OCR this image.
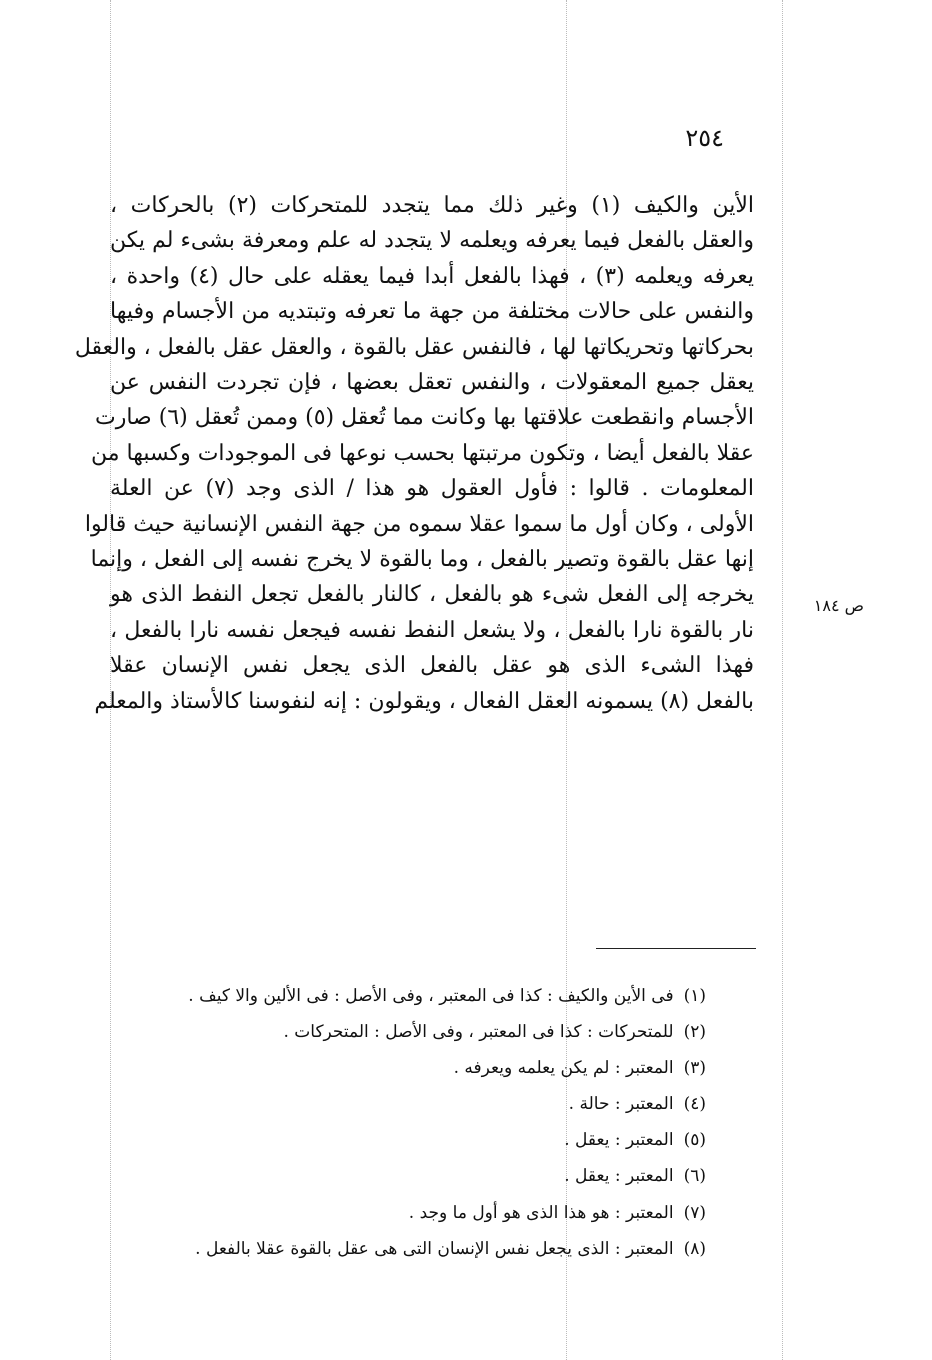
٢٥٤
الأين والكيف (١) وغير ذلك مما يتجدد للمتحركات (٢) بالحركات ،
والعقل بالفعل فيما يعرفه ويعلمه لا يتجدد له علم ومعرفة بشىء لم يكن
يعرفه ويعلمه (٣) ، فهذا بالفعل أبدا فيما يعقله على حال (٤) واحدة ،
والنفس على حالات مختلفة من جهة ما تعرفه وتبتديه من الأجسام وفيها
بحركاتها وتحريكاتها لها ، فالنفس عقل بالقوة ، والعقل عقل بالفعل ، والعقل
يعقل جميع المعقولات ، والنفس تعقل بعضها ، فإن تجردت النفس عن
الأجسام وانقطعت علاقتها بها وكانت مما تُعقل (٥) وممن تُعقل (٦) صارت
عقلا بالفعل أيضا ، وتكون مرتبتها بحسب نوعها فى الموجودات وكسبها من
المعلومات . قالوا : فأول العقول هو هذا / الذى وجد (٧) عن العلة
الأولى ، وكان أول ما سموا عقلا سموه من جهة النفس الإنسانية حيث قالوا
إنها عقل بالقوة وتصير بالفعل ، وما بالقوة لا يخرج نفسه إلى الفعل ، وإنما
يخرجه إلى الفعل شىء هو بالفعل ، كالنار بالفعل تجعل النفط الذى هو
نار بالقوة نارا بالفعل ، ولا يشعل النفط نفسه فيجعل نفسه نارا بالفعل ،
فهذا الشىء الذى هو عقل بالفعل الذى يجعل نفس الإنسان عقلا
بالفعل (٨) يسمونه العقل الفعال ، ويقولون : إنه لنفوسنا كالأستاذ والمعلم
ص ١٨٤
(١)فى الأين والكيف : كذا فى المعتبر ، وفى الأصل : فى الألين والا كيف .
(٢)للمتحركات : كذا فى المعتبر ، وفى الأصل : المتحركات .
(٣)المعتبر : لم يكن يعلمه ويعرفه .
(٤)المعتبر : حالة .
(٥)المعتبر : يعقل .
(٦)المعتبر : يعقل .
(٧)المعتبر : هو هذا الذى هو أول ما وجد .
(٨)المعتبر : الذى يجعل نفس الإنسان التى هى عقل بالقوة عقلا بالفعل .
